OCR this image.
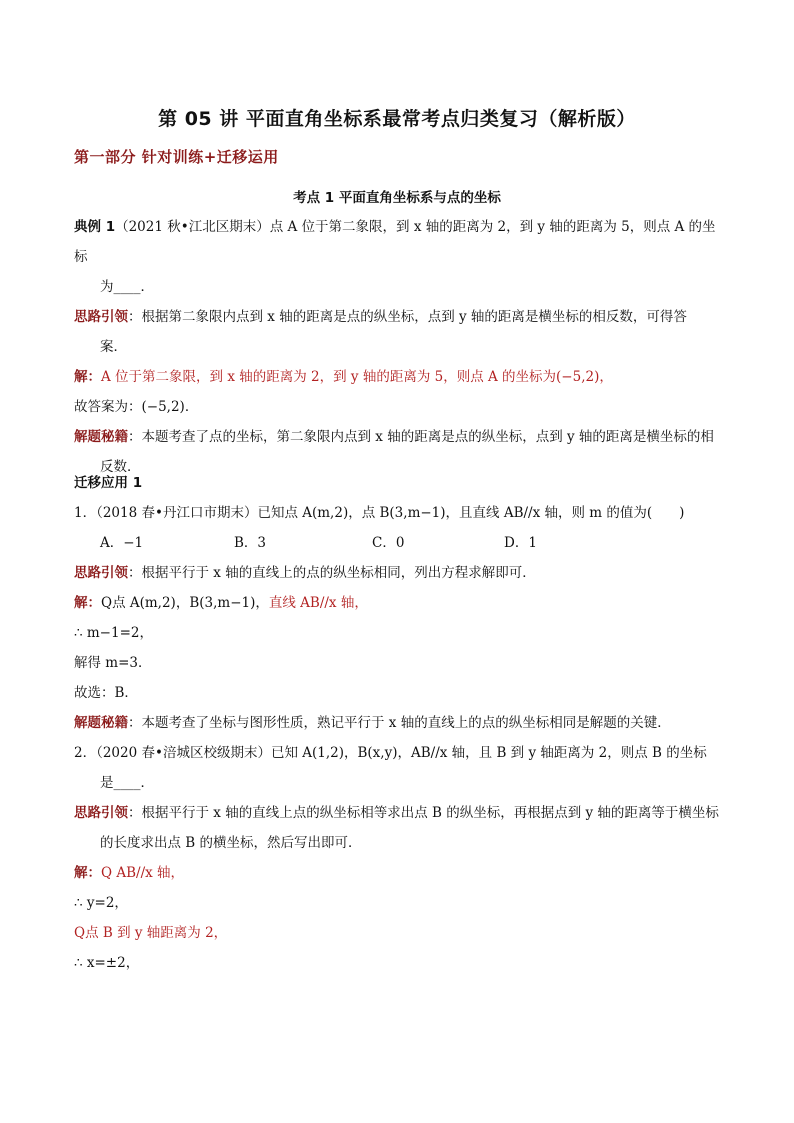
第 05 讲 平面直角坐标系最常考点归类复习（解析版）
第一部分 针对训练+迁移运用
考点 1 平面直角坐标系与点的坐标
典例 1（2021 秋•江北区期末）点 A 位于第二象限，到 x 轴的距离为 2，到 y 轴的距离为 5，则点 A 的坐标
为____．
思路引领：根据第二象限内点到 x 轴的距离是点的纵坐标，点到 y 轴的距离是横坐标的相反数，可得答
案．
解：A 位于第二象限，到 x 轴的距离为 2，到 y 轴的距离为 5，则点 A 的坐标为(−5,2)，
故答案为：(−5,2)．
解题秘籍：本题考查了点的坐标，第二象限内点到 x 轴的距离是点的纵坐标，点到 y 轴的距离是横坐标的相
反数．
迁移应用 1
1．（2018 春•丹江口市期末）已知点 A(m,2)，点 B(3,m−1)，且直线 AB//x 轴，则 m 的值为(　　)
A．−1	B．3	C．0	D．1
思路引领：根据平行于 x 轴的直线上的点的纵坐标相同，列出方程求解即可．
解：Q点 A(m,2)，B(3,m−1)，直线 AB//x 轴，
∴ m−1=2，
解得 m=3．
故选：B．
解题秘籍：本题考查了坐标与图形性质，熟记平行于 x 轴的直线上的点的纵坐标相同是解题的关键．
2．（2020 春•涪城区校级期末）已知 A(1,2)，B(x,y)，AB//x 轴，且 B 到 y 轴距离为 2，则点 B 的坐标
是____．
思路引领：根据平行于 x 轴的直线上点的纵坐标相等求出点 B 的纵坐标，再根据点到 y 轴的距离等于横坐标
的长度求出点 B 的横坐标，然后写出即可．
解：Q AB//x 轴，
∴ y=2，
Q点 B 到 y 轴距离为 2，
∴ x=±2，
